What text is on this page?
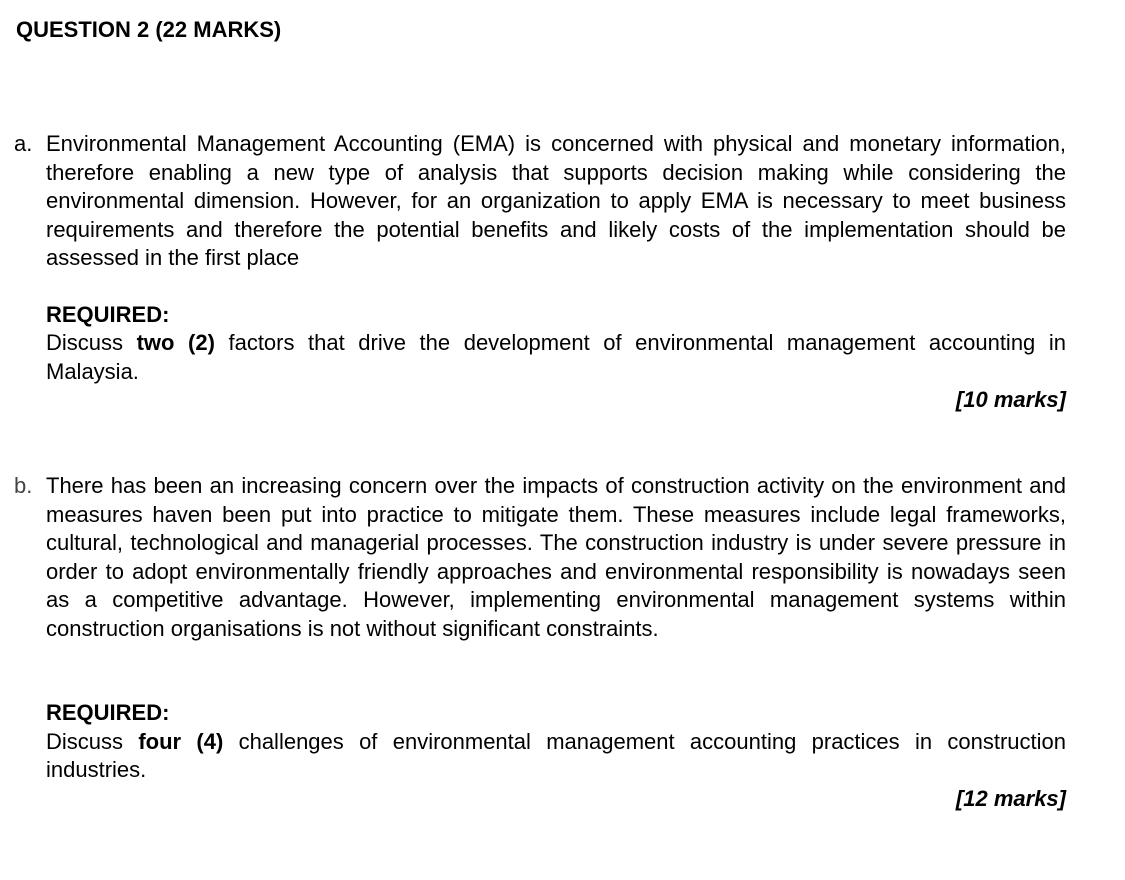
QUESTION 2 (22 MARKS)
a. Environmental Management Accounting (EMA) is concerned with physical and monetary information, therefore enabling a new type of analysis that supports decision making while considering the environmental dimension. However, for an organization to apply EMA is necessary to meet business requirements and therefore the potential benefits and likely costs of the implementation should be assessed in the first place
REQUIRED:
Discuss two (2) factors that drive the development of environmental management accounting in Malaysia.
[10 marks]
b. There has been an increasing concern over the impacts of construction activity on the environment and measures haven been put into practice to mitigate them. These measures include legal frameworks, cultural, technological and managerial processes. The construction industry is under severe pressure in order to adopt environmentally friendly approaches and environmental responsibility is nowadays seen as a competitive advantage. However, implementing environmental management systems within construction organisations is not without significant constraints.
REQUIRED:
Discuss four (4) challenges of environmental management accounting practices in construction industries.
[12 marks]
